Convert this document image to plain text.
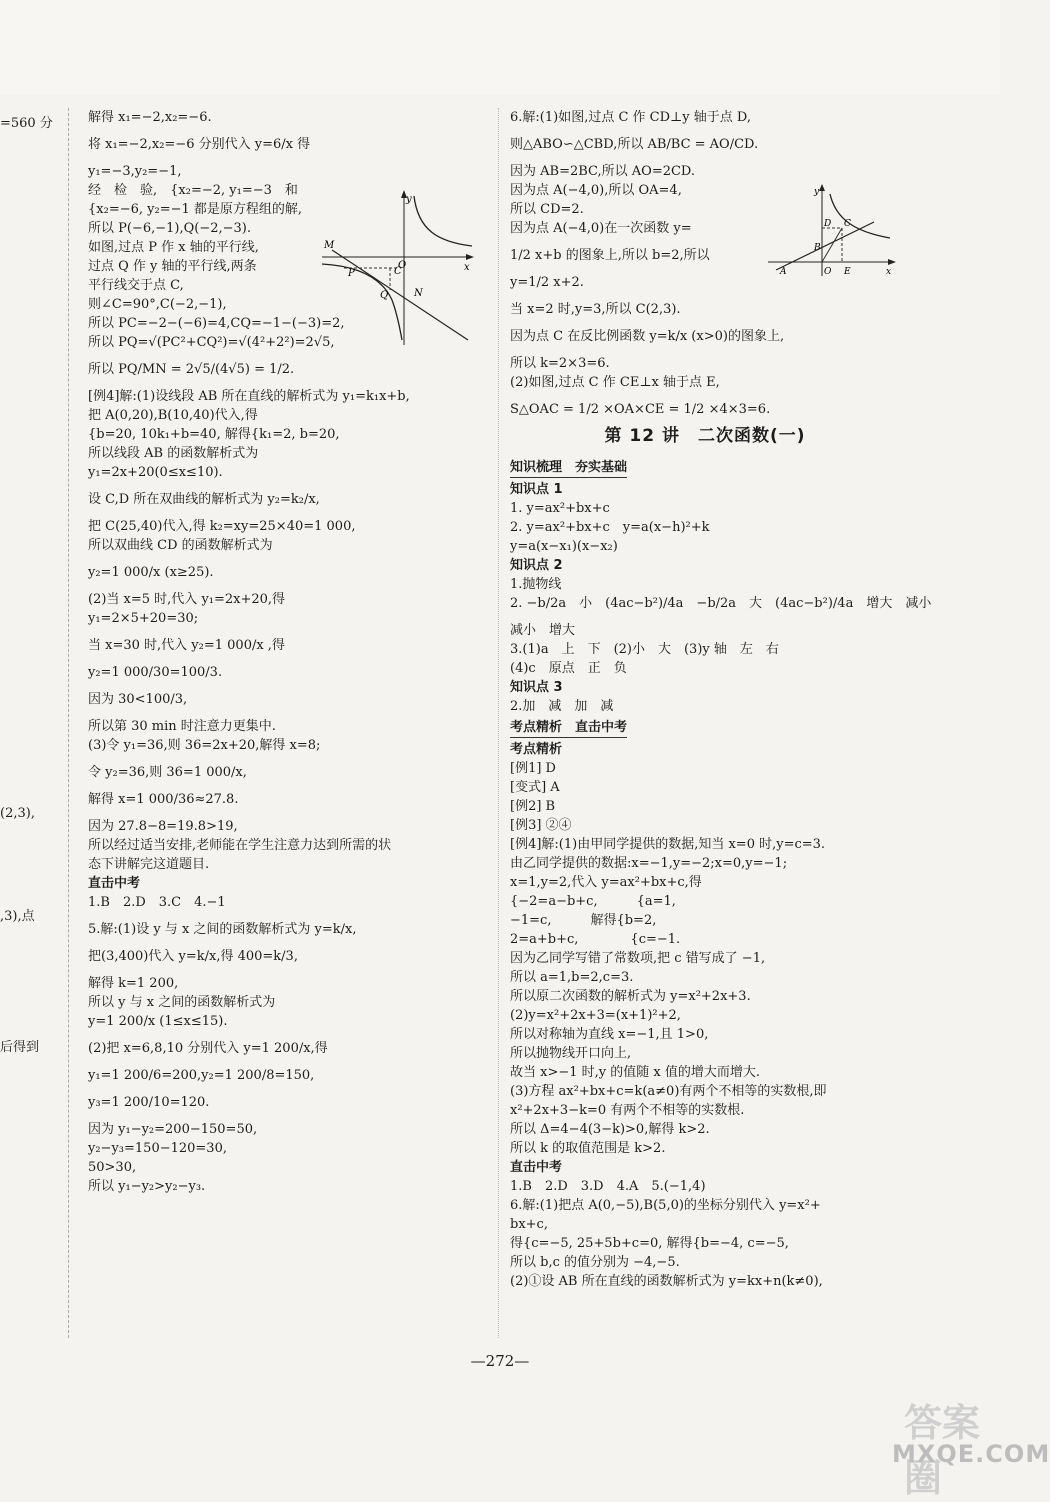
=560 分
(2,3),
,3),点
后得到
解得 x₁=−2,x₂=−6.
将 x₁=−2,x₂=−6 分别代入 y=6/x 得
y₁=−3,y₂=−1,
经　检　验,　{x₂=−2, y₁=−3　和
{x₂=−6, y₂=−1 都是原方程组的解,
所以 P(−6,−1),Q(−2,−3).
如图,过点 P 作 x 轴的平行线,
过点 Q 作 y 轴的平行线,两条
平行线交于点 C,
则∠C=90°,C(−2,−1),
所以 PC=−2−(−6)=4,CQ=−1−(−3)=2,
所以 PQ=√(PC²+CQ²)=√(4²+2²)=2√5,
所以 PQ/MN = 2√5/(4√5) = 1/2.
[例4]解:(1)设线段 AB 所在直线的解析式为 y₁=k₁x+b,
把 A(0,20),B(10,40)代入,得
{b=20, 10k₁+b=40, 解得{k₁=2, b=20,
所以线段 AB 的函数解析式为
y₁=2x+20(0≤x≤10).
设 C,D 所在双曲线的解析式为 y₂=k₂/x,
把 C(25,40)代入,得 k₂=xy=25×40=1 000,
所以双曲线 CD 的函数解析式为
y₂=1 000/x (x≥25).
(2)当 x=5 时,代入 y₁=2x+20,得
y₁=2×5+20=30;
当 x=30 时,代入 y₂=1 000/x ,得
y₂=1 000/30=100/3.
因为 30<100/3,
所以第 30 min 时注意力更集中.
(3)令 y₁=36,则 36=2x+20,解得 x=8;
令 y₂=36,则 36=1 000/x,
解得 x=1 000/36≈27.8.
因为 27.8−8=19.8>19,
所以经过适当安排,老师能在学生注意力达到所需的状
态下讲解完这道题目.
直击中考
1.B　2.D　3.C　4.−1
5.解:(1)设 y 与 x 之间的函数解析式为 y=k/x,
把(3,400)代入 y=k/x,得 400=k/3,
解得 k=1 200,
所以 y 与 x 之间的函数解析式为
y=1 200/x (1≤x≤15).
(2)把 x=6,8,10 分别代入 y=1 200/x,得
y₁=1 200/6=200,y₂=1 200/8=150,
y₃=1 200/10=120.
因为 y₁−y₂=200−150=50,
y₂−y₃=150−120=30,
50>30,
所以 y₁−y₂>y₂−y₃.
y
x
M
N
P
Q
C
O
6.解:(1)如图,过点 C 作 CD⊥y 轴于点 D,
则△ABO∽△CBD,所以 AB/BC = AO/CD.
因为 AB=2BC,所以 AO=2CD.
因为点 A(−4,0),所以 OA=4,
所以 CD=2.
因为点 A(−4,0)在一次函数 y=
1/2 x+b 的图象上,所以 b=2,所以
y=1/2 x+2.
当 x=2 时,y=3,所以 C(2,3).
因为点 C 在反比例函数 y=k/x (x>0)的图象上,
所以 k=2×3=6.
(2)如图,过点 C 作 CE⊥x 轴于点 E,
S△OAC = 1/2 ×OA×CE = 1/2 ×4×3=6.
第 12 讲　二次函数(一)
知识梳理　夯实基础
知识点 1
1. y=ax²+bx+c
2. y=ax²+bx+c　y=a(x−h)²+k
y=a(x−x₁)(x−x₂)
知识点 2
1.抛物线
2. −b/2a　小　(4ac−b²)/4a　−b/2a　大　(4ac−b²)/4a　增大　减小
减小　增大
3.(1)a　上　下　(2)小　大　(3)y 轴　左　右
(4)c　原点　正　负
知识点 3
2.加　减　加　减
考点精析　直击中考
考点精析
[例1] D
[变式] A
[例2] B
[例3] ②④
[例4]解:(1)由甲同学提供的数据,知当 x=0 时,y=c=3.
由乙同学提供的数据:x=−1,y=−2;x=0,y=−1;
x=1,y=2,代入 y=ax²+bx+c,得
{−2=a−b+c,　　　{a=1,
−1=c,　　　解得{b=2,
2=a+b+c,　　　　{c=−1.
因为乙同学写错了常数项,把 c 错写成了 −1,
所以 a=1,b=2,c=3.
所以原二次函数的解析式为 y=x²+2x+3.
(2)y=x²+2x+3=(x+1)²+2,
所以对称轴为直线 x=−1,且 1>0,
所以抛物线开口向上,
故当 x>−1 时,y 的值随 x 值的增大而增大.
(3)方程 ax²+bx+c=k(a≠0)有两个不相等的实数根,即
x²+2x+3−k=0 有两个不相等的实数根.
所以 Δ=4−4(3−k)>0,解得 k>2.
所以 k 的取值范围是 k>2.
直击中考
1.B　2.D　3.D　4.A　5.(−1,4)
6.解:(1)把点 A(0,−5),B(5,0)的坐标分别代入 y=x²+
bx+c,
得{c=−5, 25+5b+c=0, 解得{b=−4, c=−5,
所以 b,c 的值分别为 −4,−5.
(2)①设 AB 所在直线的函数解析式为 y=kx+n(k≠0),
y
x
A
B
C
D
E
O
—272—
答案圈
MXQE.COM
